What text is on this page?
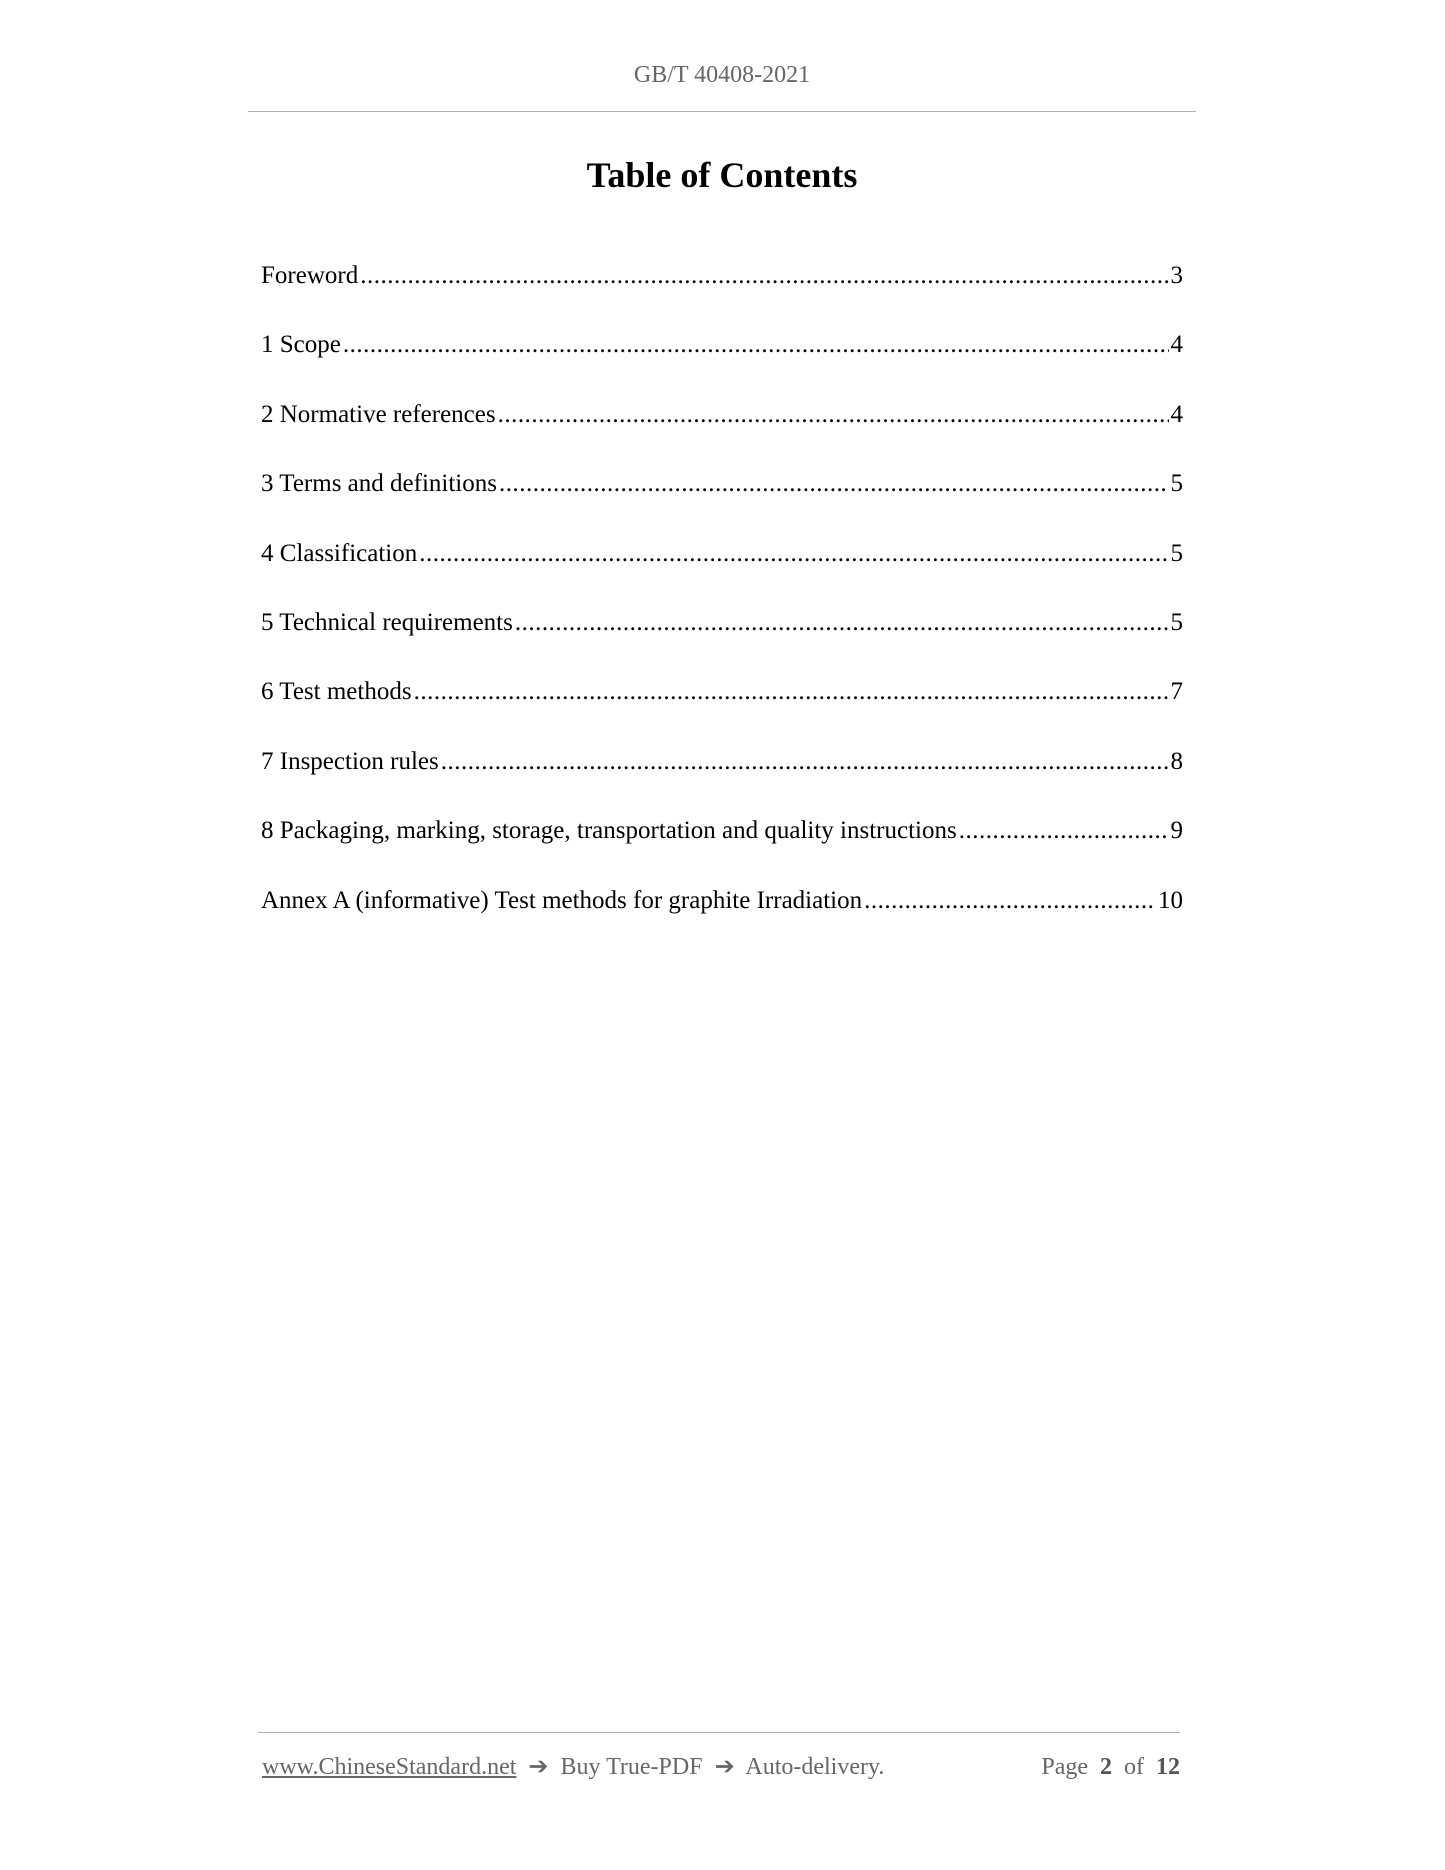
GB/T 40408-2021
Table of Contents
Foreword .....	3
1 Scope .....	4
2 Normative references .....	4
3 Terms and definitions .....	5
4 Classification .....	5
5 Technical requirements .....	5
6 Test methods .....	7
7 Inspection rules .....	8
8 Packaging, marking, storage, transportation and quality instructions .....	9
Annex A (informative) Test methods for graphite Irradiation .....	10
www.ChineseStandard.net ➔ Buy True-PDF ➔ Auto-delivery.	Page 2 of 12
